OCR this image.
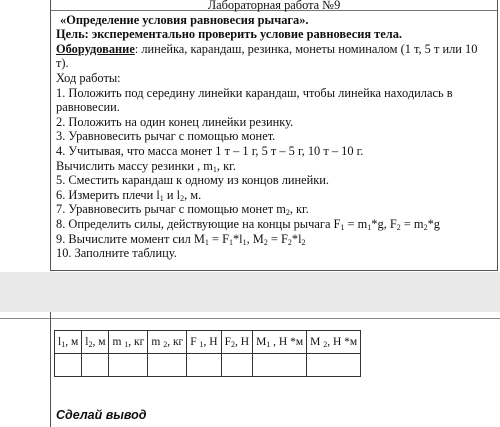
Лабораторная работа №9

«Определение условия равновесия рычага».

Цель: эксперементально проверить условие равновесия тела.

Оборудование: линейка, карандаш, резинка, монеты номиналом (1 т, 5 т или 10 т).

Ход работы:

1. Положить под середину линейки карандаш, чтобы линейка находилась в равновесии.

2. Положить на один конец линейки резинку.

3. Уравновесить рычаг с помощью монет.

4. Учитывая, что масса монет 1 т – 1 г, 5 т – 5 г, 10 т – 10 г.

Вычислить массу резинки , $m_1$, кг.

5. Сместить карандаш к одному из концов линейки.

6. Измерить плечи $l_1$ и $l_2$, м.

7. Уравновесить рычаг с помощью монет $m_2$, кг.

8. Определить силы, действующие на концы рычага $F_1 = m_1*g$, $F_2 = m_2*g$

9. Вычислите момент сил $M_1 = F_1*l_1$, $M_2 = F_2*l_2$

10. Заполните таблицу.

$l_1$, м	$l_2$, м	m $_1$, кг	m $_2$, кг	F $_1$, Н	$F_2$, Н	$M_1$ , Н *м	M $_2$, Н *м

Сделай вывод
